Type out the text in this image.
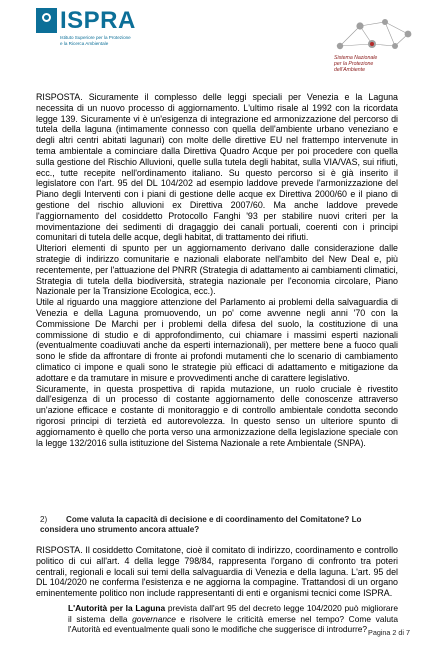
ISPRA
Istituto Superiore per la Protezione
e la Ricerca Ambientale
Sistema Nazionale
per la Protezione
dell'Ambiente

RISPOSTA. Sicuramente il complesso delle leggi speciali per Venezia e la Laguna necessita di un nuovo processo di aggiornamento. L'ultimo risale al 1992 con la ricordata legge 139. Sicuramente vi è un'esigenza di integrazione ed armonizzazione del percorso di tutela della laguna (intimamente connesso con quella dell'ambiente urbano veneziano e degli altri centri abitati lagunari) con molte delle direttive EU nel frattempo intervenute in tema ambientale a cominciare dalla Direttiva Quadro Acque per poi procedere con quella sulla gestione del Rischio Alluvioni, quelle sulla tutela degli habitat, sulla VIA/VAS, sui rifiuti, ecc., tutte recepite nell'ordinamento italiano. Su questo percorso si è già inserito il legislatore con l'art. 95 del DL 104/202 ad esempio laddove prevede l'armonizzazione del Piano degli Interventi con i piani di gestione delle acque ex Direttiva 2000/60 e il piano di gestione del rischio alluvioni ex Direttiva 2007/60. Ma anche laddove prevede l'aggiornamento del cosiddetto Protocollo Fanghi '93 per stabilire nuovi criteri per la movimentazione dei sedimenti di dragaggio dei canali portuali, coerenti con i principi comunitari di tutela delle acque, degli habitat, di trattamento dei rifiuti.

Ulteriori elementi di spunto per un aggiornamento derivano dalle considerazione dalle strategie di indirizzo comunitarie e nazionali elaborate nell'ambito del New Deal e, più recentemente, per l'attuazione del PNRR (Strategia di adattamento ai cambiamenti climatici, Strategia di tutela della biodiversità, strategia nazionale per l'economia circolare, Piano Nazionale per la Transizione Ecologica, ecc.).

Utile al riguardo una maggiore attenzione del Parlamento ai problemi della salvaguardia di Venezia e della Laguna promuovendo, un po' come avvenne negli anni '70 con la Commissione De Marchi per i problemi della difesa del suolo, la costituzione di una commissione di studio e di approfondimento, cui chiamare i massimi esperti nazionali (eventualmente coadiuvati anche da esperti internazionali), per mettere bene a fuoco quali sono le sfide da affrontare di fronte ai profondi mutamenti che lo scenario di cambiamento climatico ci impone e quali sono le strategie più efficaci di adattamento e mitigazione da adottare e da tramutare in misure e provvedimenti anche di carattere legislativo.

Sicuramente, in questa prospettiva di rapida mutazione, un ruolo cruciale è rivestito dall'esigenza di un processo di costante aggiornamento delle conoscenze attraverso un'azione efficace e costante di monitoraggio e di controllo ambientale condotta secondo rigorosi principi di terzietà ed autorevolezza. In questo senso un ulteriore spunto di aggiornamento è quello che porta verso una armonizzazione della legislazione speciale con la legge 132/2016 sulla istituzione del Sistema Nazionale a rete Ambientale (SNPA).

2) Come valuta la capacità di decisione e di coordinamento del Comitatone? Lo considera uno strumento ancora attuale?

RISPOSTA. Il cosiddetto Comitatone, cioè il comitato di indirizzo, coordinamento e controllo politico di cui all'art. 4 della legge 798/84, rappresenta l'organo di confronto tra poteri centrali, regionali e locali sui temi della salvaguardia di Venezia e della laguna. L'art. 95 del DL 104/2020 ne conferma l'esistenza e ne aggiorna la compagine. Trattandosi di un organo eminentemente politico non include rappresentanti di enti e organismi tecnici come ISPRA.

L'Autorità per la Laguna prevista dall'art 95 del decreto legge 104/2020 può migliorare il sistema della governance e risolvere le criticità emerse nel tempo? Come valuta l'Autorità ed eventualmente quali sono le modifiche che suggerisce di introdurre? Pagina 2 di 7
